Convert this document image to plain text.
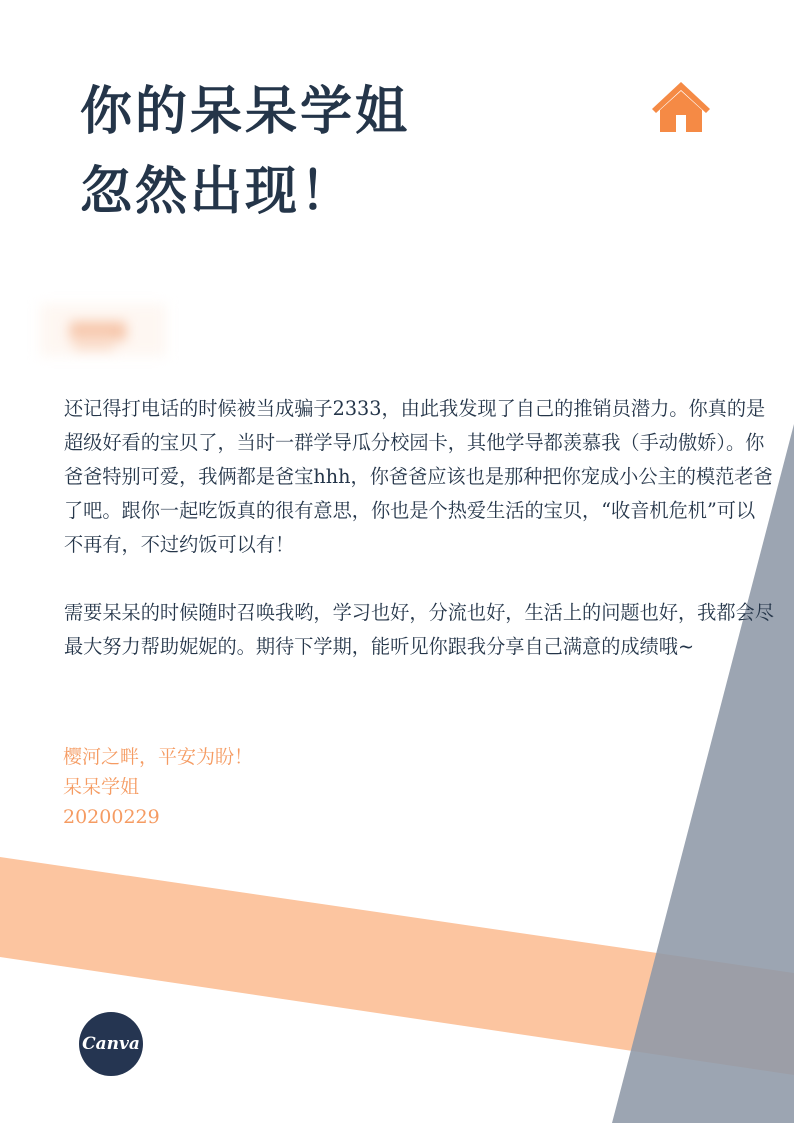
你的呆呆学姐
忽然出现！

还记得打电话的时候被当成骗子2333，由此我发现了自己的推销员潜力。你真的是超级好看的宝贝了，当时一群学导瓜分校园卡，其他学导都羡慕我（手动傲娇）。你爸爸特别可爱，我俩都是爸宝hhh，你爸爸应该也是那种把你宠成小公主的模范老爸了吧。跟你一起吃饭真的很有意思，你也是个热爱生活的宝贝，“收音机危机”可以不再有，不过约饭可以有！

需要呆呆的时候随时召唤我哟，学习也好，分流也好，生活上的问题也好，我都会尽最大努力帮助妮妮的。期待下学期，能听见你跟我分享自己满意的成绩哦~

樱河之畔，平安为盼！
呆呆学姐
20200229
Canva
